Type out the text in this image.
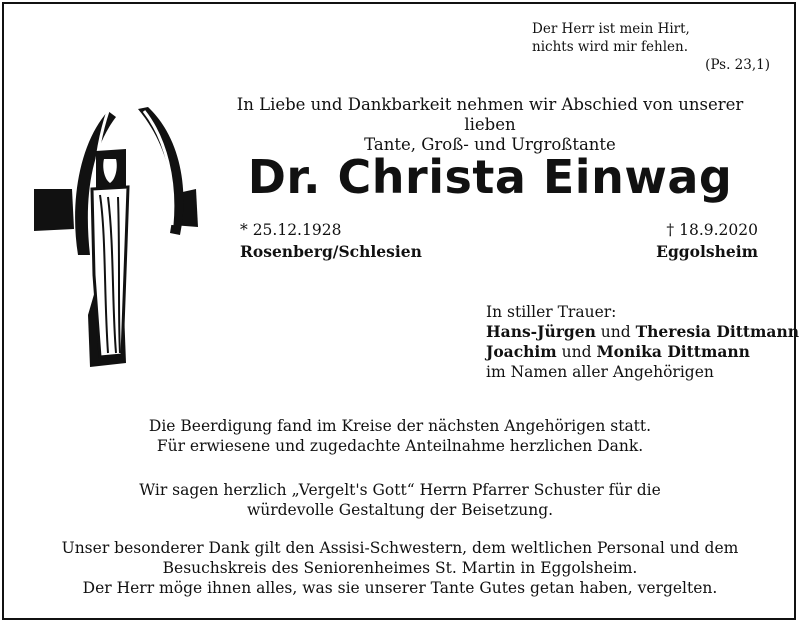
Der Herr ist mein Hirt,
nichts wird mir fehlen.
(Ps. 23,1)
In Liebe und Dankbarkeit nehmen wir Abschied von unserer lieben
Tante, Groß- und Urgroßtante
Dr. Christa Einwag
* 25.12.1928
Rosenberg/Schlesien
† 18.9.2020
Eggolsheim
In stiller Trauer:
Hans-Jürgen und Theresia Dittmann
Joachim und Monika Dittmann
im Namen aller Angehörigen
Die Beerdigung fand im Kreise der nächsten Angehörigen statt.
Für erwiesene und zugedachte Anteilnahme herzlichen Dank.
Wir sagen herzlich „Vergelt's Gott“ Herrn Pfarrer Schuster für die
würdevolle Gestaltung der Beisetzung.
Unser besonderer Dank gilt den Assisi-Schwestern, dem weltlichen Personal und dem
Besuchskreis des Seniorenheimes St. Martin in Eggolsheim.
Der Herr möge ihnen alles, was sie unserer Tante Gutes getan haben, vergelten.
